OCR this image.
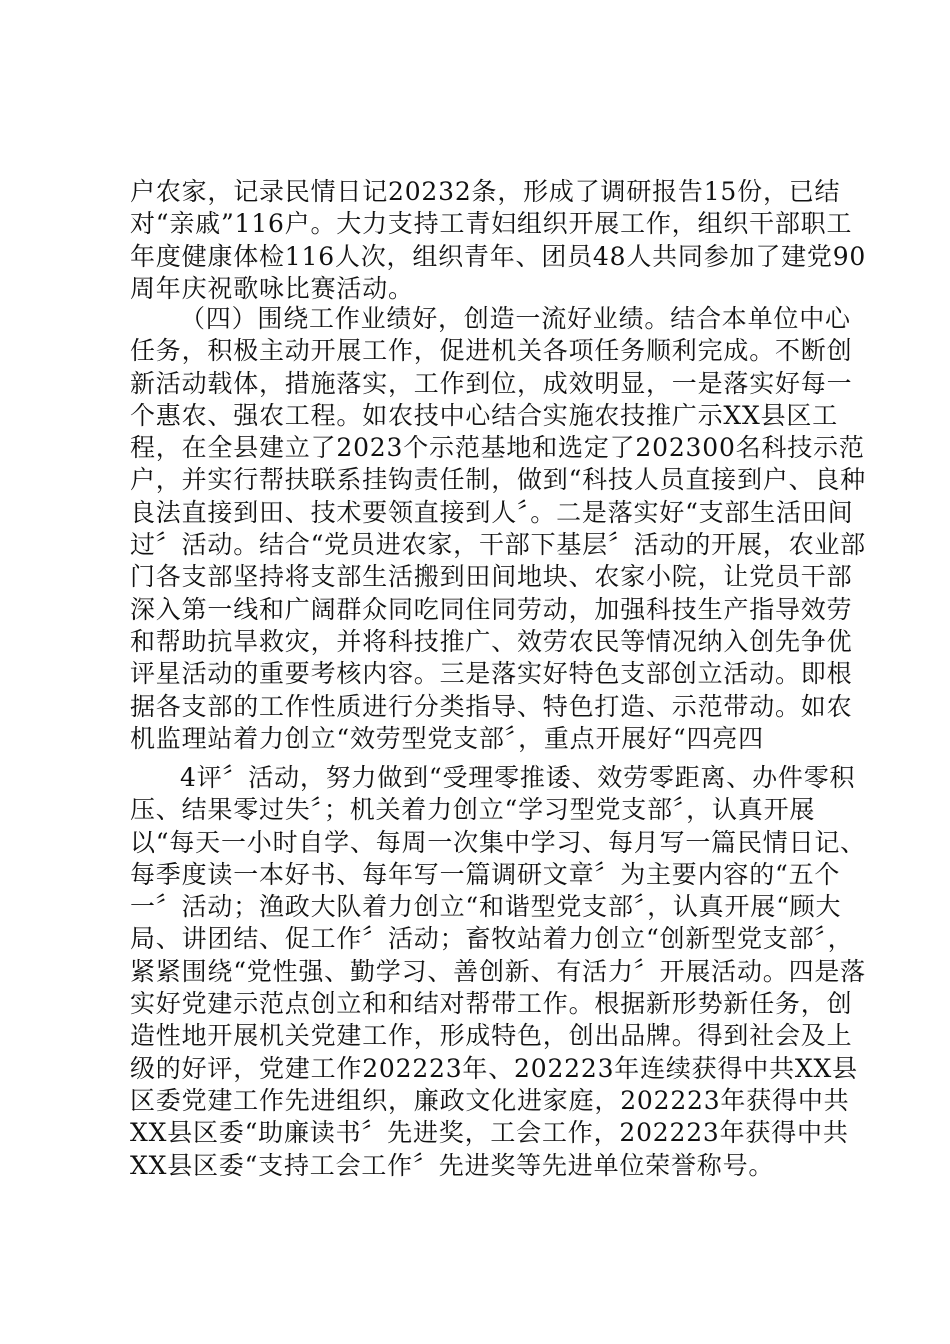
户农家，记录民情日记20232条，形成了调研报告15份，已结对“亲戚”116户。大力支持工青妇组织开展工作，组织干部职工年度健康体检116人次，组织青年、团员48人共同参加了建党90周年庆祝歌咏比赛活动。

（四）围绕工作业绩好，创造一流好业绩。结合本单位中心任务，积极主动开展工作，促进机关各项任务顺利完成。不断创新活动载体，措施落实，工作到位，成效明显，一是落实好每一个惠农、强农工程。如农技中心结合实施农技推广示XX县区工程，在全县建立了2023个示范基地和选定了202300名科技示范户，并实行帮扶联系挂钩责任制，做到“科技人员直接到户、良种良法直接到田、技术要领直接到人〞。二是落实好“支部生活田间过〞活动。结合“党员进农家，干部下基层〞活动的开展，农业部门各支部坚持将支部生活搬到田间地块、农家小院，让党员干部深入第一线和广阔群众同吃同住同劳动，加强科技生产指导效劳和帮助抗旱救灾，并将科技推广、效劳农民等情况纳入创先争优评星活动的重要考核内容。三是落实好特色支部创立活动。即根据各支部的工作性质进行分类指导、特色打造、示范带动。如农机监理站着力创立“效劳型党支部〞，重点开展好“四亮四

4评〞活动，努力做到“受理零推诿、效劳零距离、办件零积压、结果零过失〞；机关着力创立“学习型党支部〞，认真开展以“每天一小时自学、每周一次集中学习、每月写一篇民情日记、每季度读一本好书、每年写一篇调研文章〞为主要内容的“五个一〞活动；渔政大队着力创立“和谐型党支部〞，认真开展“顾大局、讲团结、促工作〞活动；畜牧站着力创立“创新型党支部〞，紧紧围绕“党性强、勤学习、善创新、有活力〞开展活动。四是落实好党建示范点创立和和结对帮带工作。根据新形势新任务，创造性地开展机关党建工作，形成特色，创出品牌。得到社会及上级的好评，党建工作202223年、202223年连续获得中共XX县区委党建工作先进组织，廉政文化进家庭，202223年获得中共XX县区委“助廉读书〞先进奖，工会工作，202223年获得中共XX县区委“支持工会工作〞先进奖等先进单位荣誉称号。
